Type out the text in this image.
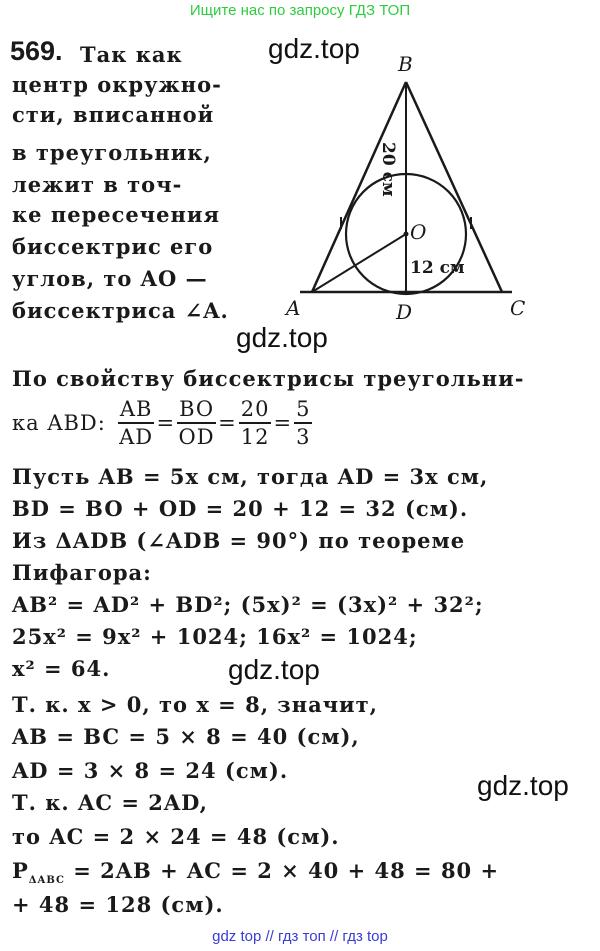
Ищите нас по запросу ГДЗ ТОП
569. Так как
центр окружно-
сти, вписанной
в треугольник,
лежит в точ-
ке пересечения
биссектрис его
углов, то AO —
биссектриса ∠A.
gdz.top
gdz.top
gdz.top
gdz.top
B
A	C
D
O
20 см
12 см
По свойству биссектрисы треугольни-
ка ABD: $\frac{AB}{AD} = \frac{BO}{OD} = \frac{20}{12} = \frac{5}{3}$
Пусть AB = 5x см, тогда AD = 3x см,
BD = BO + OD = 20 + 12 = 32 (см).
Из ΔADB (∠ADB = 90°) по теореме
Пифагора:
AB² = AD² + BD²; (5x)² = (3x)² + 32²;
25x² = 9x² + 1024; 16x² = 1024;
x² = 64.
Т. к. x > 0, то x = 8, значит,
AB = BC = 5 × 8 = 40 (см),
AD = 3 × 8 = 24 (см).
Т. к. AC = 2AD,
то AC = 2 × 24 = 48 (см).
$P_{\Delta ABC} = 2AB$ + AC = 2 × 40 + 48 = 80 +
+ 48 = 128 (см).
gdz top // гдз топ // гдз top
